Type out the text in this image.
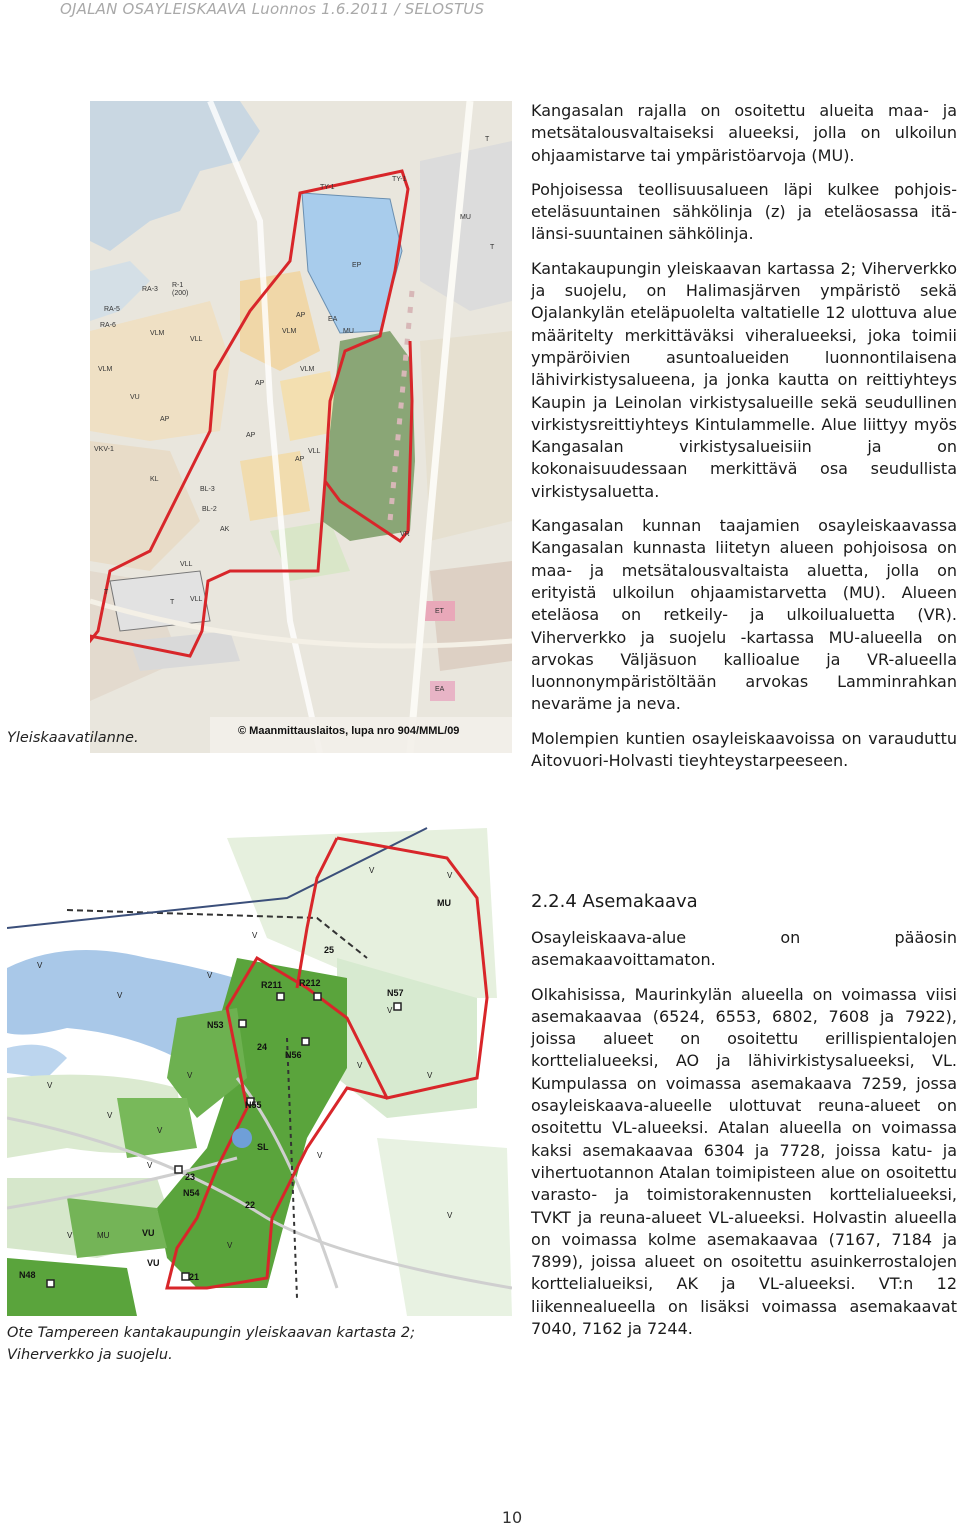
OJALAN OSAYLEISKAAVA Luonnos 1.6.2011 / SELOSTUS
© Maanmittauslaitos, lupa nro 904/MML/09
TY-1
T
EP
MU
EA
VLM
AP
AP
AP
VLL
VLL
ET
EA
T
T
VR
MU
VLM
AP
T
RA-3
R-1
(200)
RA-5
RA-6
VLL
VLM
VU
AP
BL-3
BL-2
AK
TY-1
KL
VKV-1
VLL
VLM
Yleiskaavatilanne.
MU
N57
R211 R212
25
N53
24
N56
N55
SL
23
N54
22
VU
VU
21
N48
V
V
V
V
V
V
V
V
V
V
V
V
V
V
MU
V
V
V
V
Ote Tampereen kantakaupungin yleiskaavan kartasta 2; Viherverkko ja suojelu.

Kangasalan rajalla on osoitettu alueita maa- ja metsätalousvaltaiseksi alueeksi, jolla on ulkoilun ohjaamistarve tai ympäristöarvoja (MU).

Pohjoisessa teollisuusalueen läpi kulkee pohjois-eteläsuuntainen sähkölinja (z) ja eteläosassa itä-länsi-suuntainen sähkölinja.

Kantakaupungin yleiskaavan kartassa 2; Viherverkko ja suojelu, on Halimasjärven ympäristö sekä Ojalankylän eteläpuolelta valtatielle 12 ulottuva alue määritelty merkittäväksi viheralueeksi, joka toimii ympäröivien asuntoalueiden luonnontilaisena lähivirkistysalueena, ja jonka kautta on reittiyhteys Kaupin ja Leinolan virkistysalueille sekä seudullinen virkistysreittiyhteys Kintulammelle. Alue liittyy myös Kangasalan virkistysalueisiin ja on kokonaisuudessaan merkittävä osa seudullista virkistysaluetta.

Kangasalan kunnan taajamien osayleiskaavassa Kangasalan kunnasta liitetyn alueen pohjoisosa on maa- ja metsätalousvaltaista aluetta, jolla on erityistä ulkoilun ohjaamistarvetta (MU). Alueen eteläosa on retkeily- ja ulkoilualuetta (VR). Viherverkko ja suojelu -kartassa MU-alueella on arvokas Väljäsuon kallioalue ja VR-alueella luonnonympäristöltään arvokas Lamminrahkan nevaräme ja neva.

Molempien kuntien osayleiskaavoissa on varauduttu Aitovuori-Holvasti tieyhteystarpeeseen.

2.2.4 Asemakaava

Osayleiskaava-alue on pääosin asemakaavoittamaton.

Olkahisissa, Maurinkylän alueella on voimassa viisi asemakaavaa (6524, 6553, 6802, 7608 ja 7922), joissa alueet on osoitettu erillispientalojen korttelialueeksi, AO ja lähivirkistysalueeksi, VL. Kumpulassa on voimassa asemakaava 7259, jossa osayleiskaava-alueelle ulottuvat reuna-alueet on osoitettu VL-alueeksi. Atalan alueella on voimassa kaksi asemakaavaa 6304 ja 7728, joissa katu- ja vihertuotannon Atalan toimipisteen alue on osoitettu varasto- ja toimistorakennusten korttelialueeksi, TVKT ja reuna-alueet VL-alueeksi. Holvastin alueella on voimassa kolme asemakaavaa (7167, 7184 ja 7899), joissa alueet on osoitettu asuinkerrostalojen korttelialueiksi, AK ja VL-alueeksi. VT:n 12 liikennealueella on lisäksi voimassa asemakaavat 7040, 7162 ja 7244.

10
